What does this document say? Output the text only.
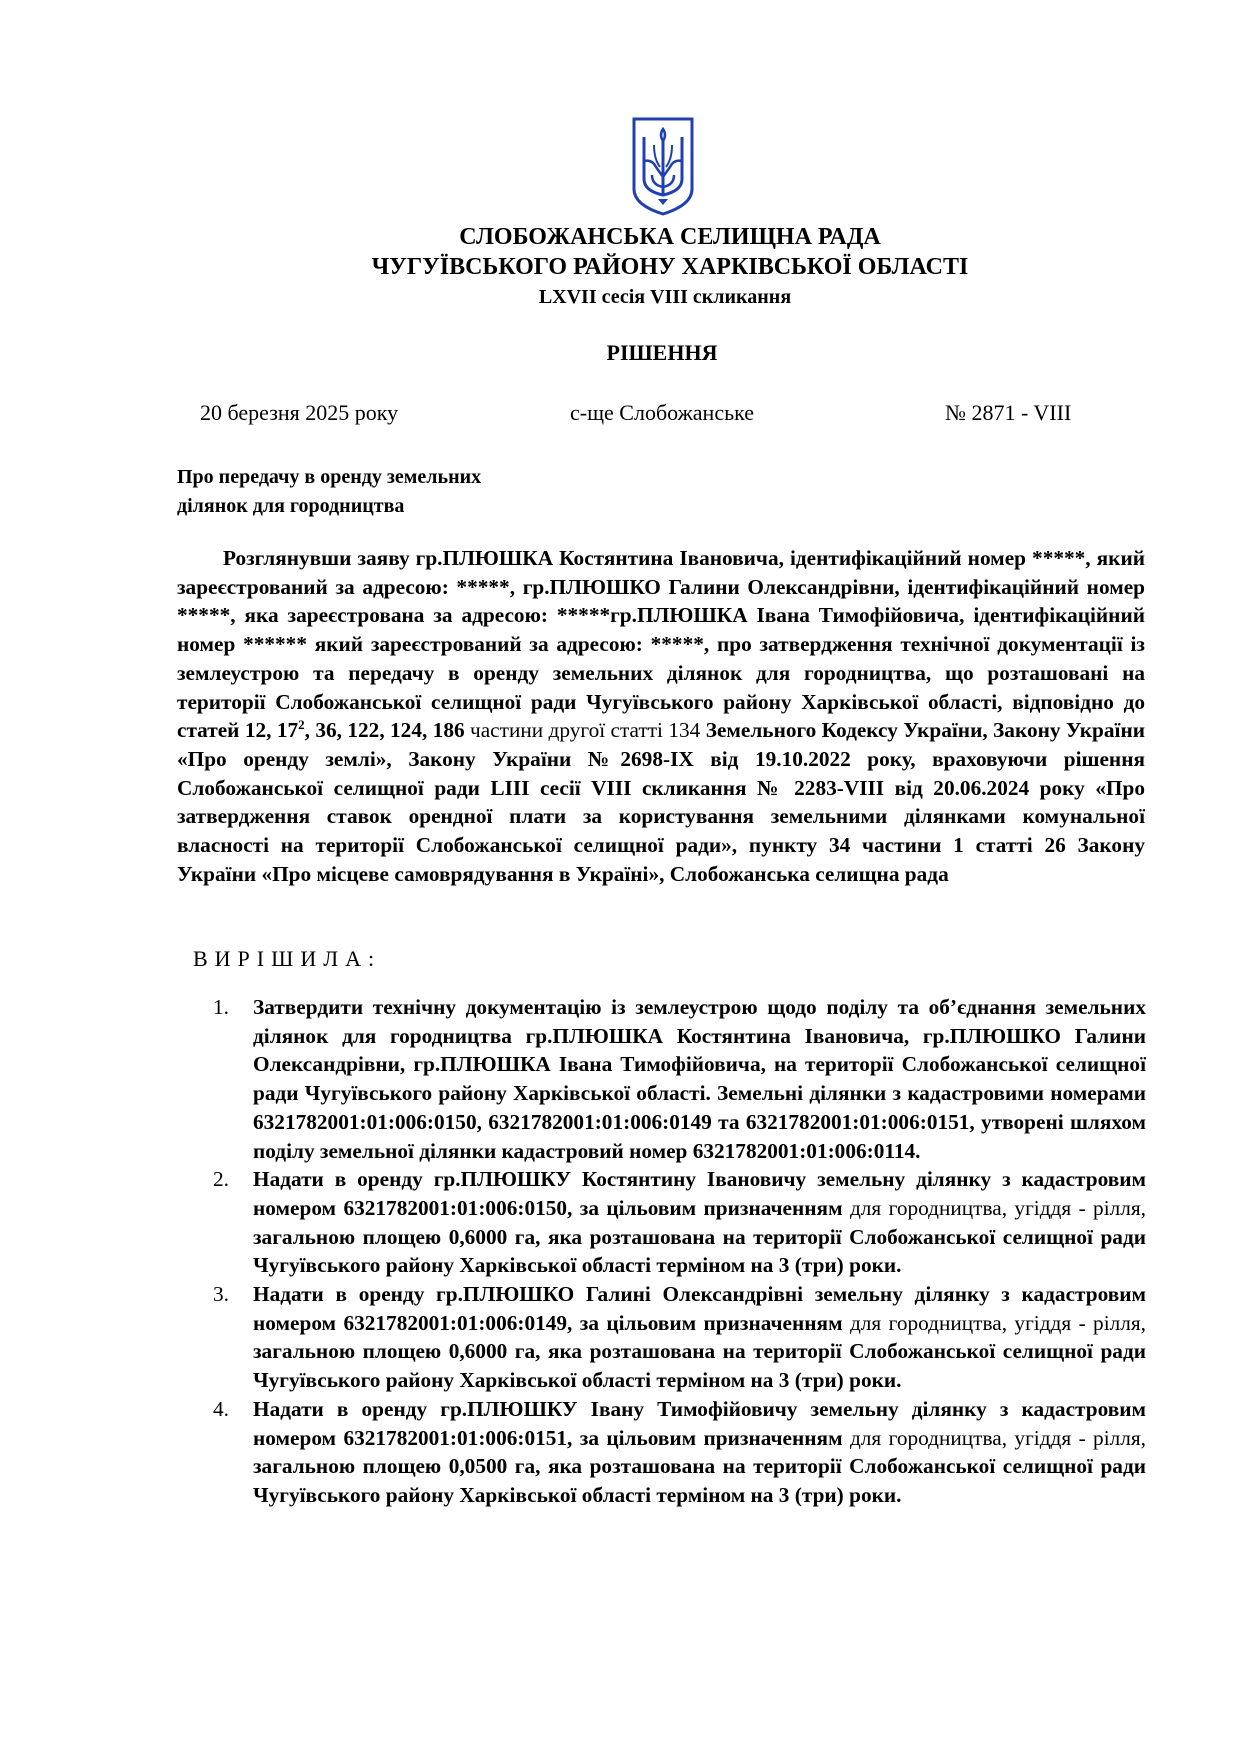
СЛОБОЖАНСЬКА СЕЛИЩНА РАДА
ЧУГУЇВСЬКОГО РАЙОНУ ХАРКІВСЬКОЇ ОБЛАСТІ
LXVII сесія VIII скликання
РІШЕННЯ
20 березня 2025 року	с-ще Слобожанське	№ 2871 - VIII
Про передачу в оренду земельних
ділянок для городництва
Розглянувши заяву гр.ПЛЮШКА Костянтина Івановича, ідентифікаційний номер *****, який зареєстрований за адресою: *****, гр.ПЛЮШКО Галини Олександрівни, ідентифікаційний номер *****, яка зареєстрована за адресою: *****гр.ПЛЮШКА Івана Тимофійовича, ідентифікаційний номер ****** який зареєстрований за адресою: *****, про затвердження технічної документації із землеустрою та передачу в оренду земельних ділянок для городництва, що розташовані на території Слобожанської селищної ради Чугуївського району Харківської області, відповідно до статей 12, $17^2$, 36, 122, 124, 186 частини другої статті 134 Земельного Кодексу України, Закону України «Про оренду землі», Закону України №2698-IX від 19.10.2022 року, враховуючи рішення Слобожанської селищної ради LIII сесії VIII скликання № 2283-VIII від 20.06.2024 року «Про затвердження ставок орендної плати за користування земельними ділянками комунальної власності на території Слобожанської селищної ради», пункту 34 частини 1 статті 26 Закону України «Про місцеве самоврядування в Україні», Слобожанська селищна рада
ВИРІШИЛА:
1. Затвердити технічну документацію із землеустрою щодо поділу та об’єднання земельних ділянок для городництва гр.ПЛЮШКА Костянтина Івановича, гр.ПЛЮШКО Галини Олександрівни, гр.ПЛЮШКА Івана Тимофійовича, на території Слобожанської селищної ради Чугуївського району Харківської області. Земельні ділянки з кадастровими номерами 6321782001:01:006:0150, 6321782001:01:006:0149 та 6321782001:01:006:0151, утворені шляхом поділу земельної ділянки кадастровий номер 6321782001:01:006:0114.
2. Надати в оренду гр.ПЛЮШКУ Костянтину Івановичу земельну ділянку з кадастровим номером 6321782001:01:006:0150, за цільовим призначенням для городництва, угіддя - рілля, загальною площею 0,6000 га, яка розташована на території Слобожанської селищної ради Чугуївського району Харківської області терміном на 3 (три) роки.
3. Надати в оренду гр.ПЛЮШКО Галині Олександрівні земельну ділянку з кадастровим номером 6321782001:01:006:0149, за цільовим призначенням для городництва, угіддя - рілля, загальною площею 0,6000 га, яка розташована на території Слобожанської селищної ради Чугуївського району Харківської області терміном на 3 (три) роки.
4. Надати в оренду гр.ПЛЮШКУ Івану Тимофійовичу земельну ділянку з кадастровим номером 6321782001:01:006:0151, за цільовим призначенням для городництва, угіддя - рілля, загальною площею 0,0500 га, яка розташована на території Слобожанської селищної ради Чугуївського району Харківської області терміном на 3 (три) роки.
